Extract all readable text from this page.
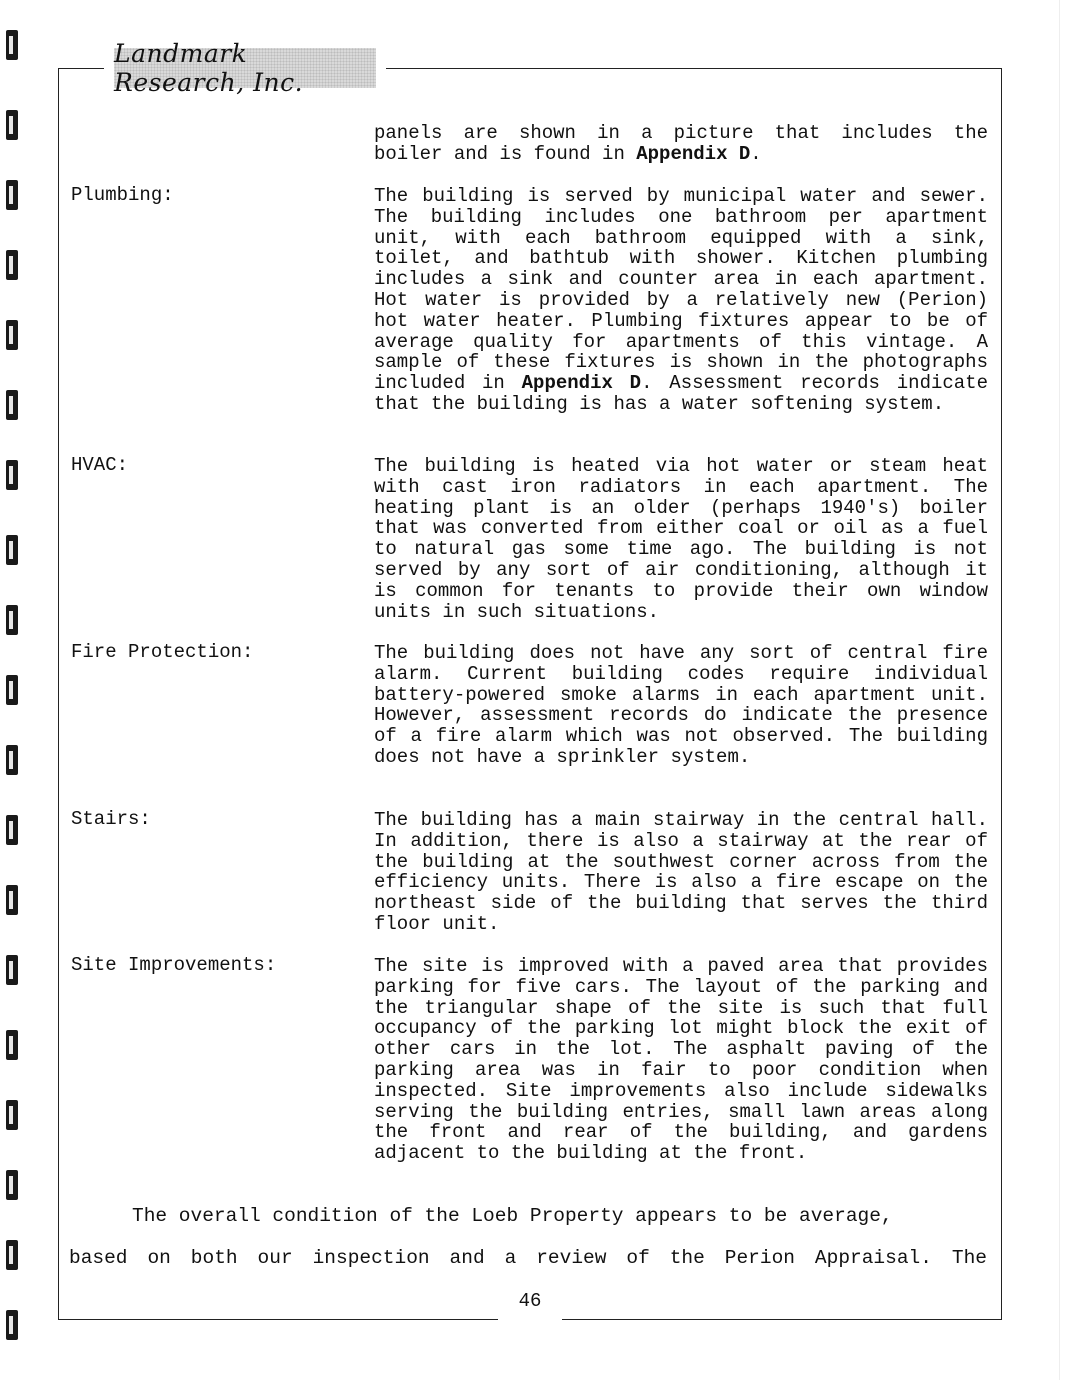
Landmark Research, Inc.
46
panels are shown in a picture that includes the boiler and is found in Appendix D.
Plumbing:	The building is served by municipal water and sewer. The building includes one bathroom per apartment unit, with each bathroom equipped with a sink, toilet, and bathtub with shower. Kitchen plumbing includes a sink and counter area in each apartment. Hot water is provided by a relatively new (Perion) hot water heater. Plumbing fixtures appear to be of average quality for apartments of this vintage. A sample of these fixtures is shown in the photographs included in Appendix D. Assessment records indicate that the building is has a water softening system.
HVAC:	The building is heated via hot water or steam heat with cast iron radiators in each apartment. The heating plant is an older (perhaps 1940's) boiler that was converted from either coal or oil as a fuel to natural gas some time ago. The building is not served by any sort of air conditioning, although it is common for tenants to provide their own window units in such situations.
Fire Protection:	The building does not have any sort of central fire alarm. Current building codes require individual battery-powered smoke alarms in each apartment unit. However, assessment records do indicate the presence of a fire alarm which was not observed. The building does not have a sprinkler system.
Stairs:	The building has a main stairway in the central hall. In addition, there is also a stairway at the rear of the building at the southwest corner across from the efficiency units. There is also a fire escape on the northeast side of the building that serves the third floor unit.
Site Improvements:	The site is improved with a paved area that provides parking for five cars. The layout of the parking and the triangular shape of the site is such that full occupancy of the parking lot might block the exit of other cars in the lot. The asphalt paving of the parking area was in fair to poor condition when inspected. Site improvements also include sidewalks serving the building entries, small lawn areas along the front and rear of the building, and gardens adjacent to the building at the front.
The overall condition of the Loeb Property appears to be average,
based on both our inspection and a review of the Perion Appraisal. The
